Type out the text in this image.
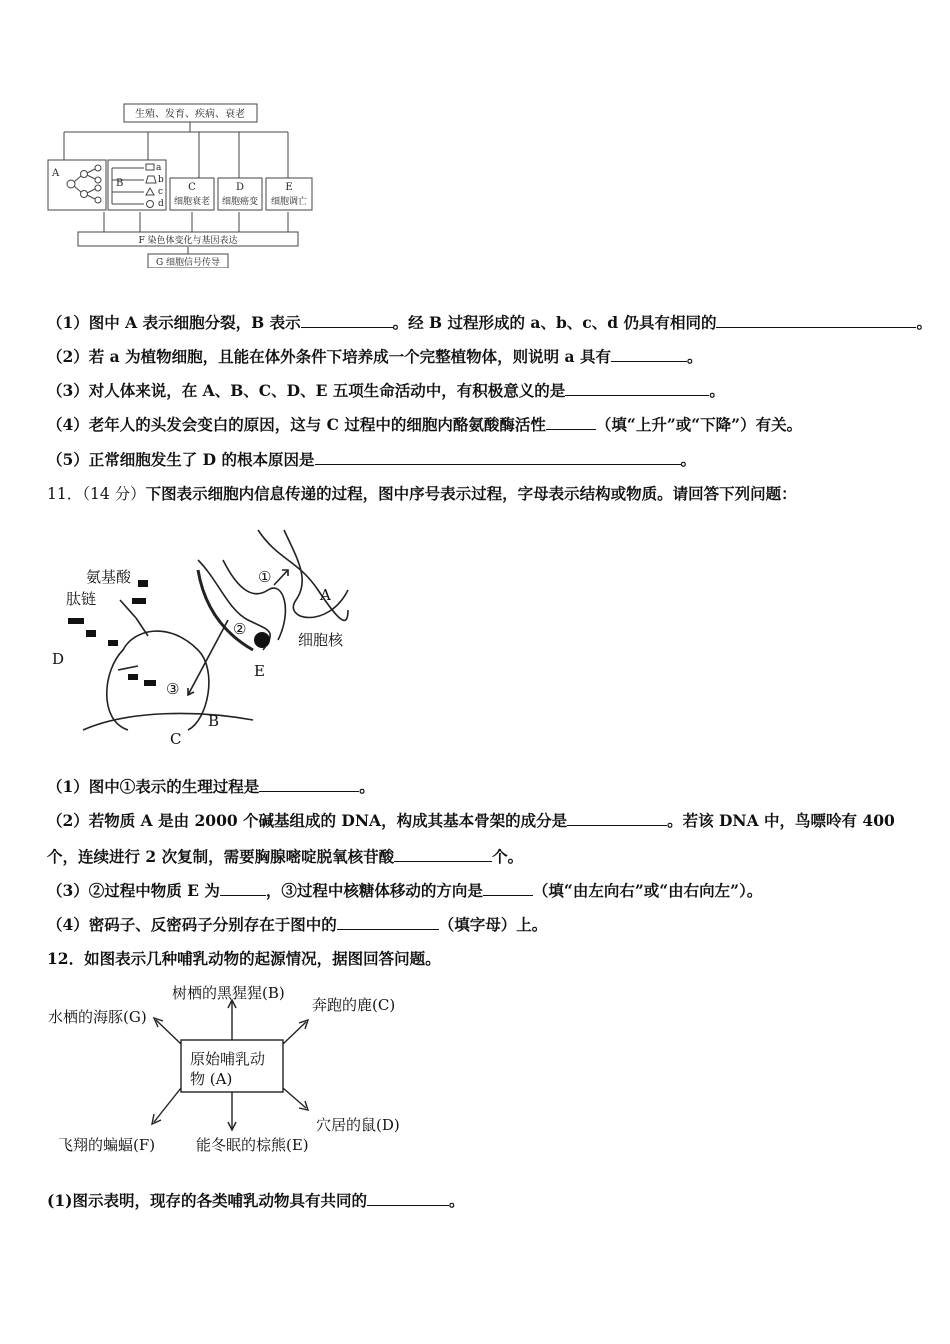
生殖、发育、疾病、衰老
A
B
a
b
c
d
C
细胞衰老
D
细胞癌变
E
细胞调亡
F 染色体变化与基因表达
G 细胞信号传导
（1）图中 A 表示细胞分裂，B 表示	。经 B 过程形成的 a、b、c、d 仍具有相同的	。
（2）若 a 为植物细胞，且能在体外条件下培养成一个完整植物体，则说明 a 具有	。
（3）对人体来说，在 A、B、C、D、E 五项生命活动中，有积极意义的是	。
（4）老年人的头发会变白的原因，这与 C 过程中的细胞内酪氨酸酶活性	（填“上升”或“下降”）有关。
（5）正常细胞发生了 D 的根本原因是	。
11．（14 分）下图表示细胞内信息传递的过程，图中序号表示过程，字母表示结构或物质。请回答下列问题：
氨基酸
肽链
D
A
①
②
③
细胞核
E
B
C
（1）图中①表示的生理过程是	。
（2）若物质 A 是由 2000 个碱基组成的 DNA，构成其基本骨架的成分是	。若该 DNA 中，鸟嘌呤有 400
个，连续进行 2 次复制，需要胸腺嘧啶脱氧核苷酸	个。
（3）②过程中物质 E 为	，③过程中核糖体移动的方向是	（填“由左向右”或“由右向左”）。
（4）密码子、反密码子分别存在于图中的	（填字母）上。
12．如图表示几种哺乳动物的起源情况，据图回答问题。
原始哺乳动
物 (A)
树栖的黑猩猩(B)
奔跑的鹿(C)
水栖的海豚(G)
穴居的鼠(D)
飞翔的蝙蝠(F)	能冬眠的棕熊(E)
(1)图示表明，现存的各类哺乳动物具有共同的	。
